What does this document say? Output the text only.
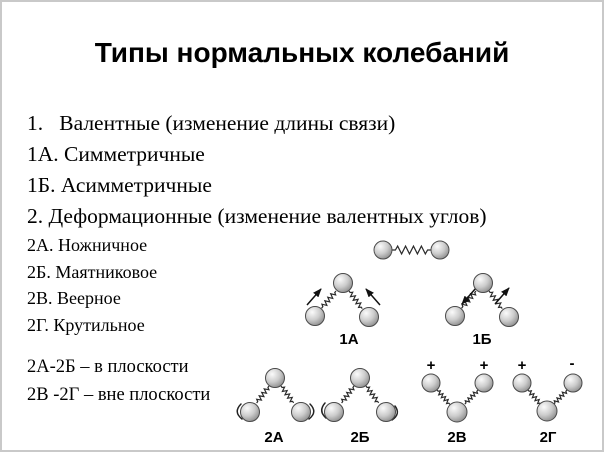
Типы нормальных колебаний
1.   Валентные (изменение длины связи)
1А. Симметричные
1Б. Асимметричные
2. Деформационные (изменение валентных углов)
2А. Ножничное
2Б. Маятниковое
2В. Веерное
2Г. Крутильное
2А-2Б – в плоскости
2В -2Г – вне плоскости
1А	1Б
2А	2Б
+	+
2В
+	-
2Г
